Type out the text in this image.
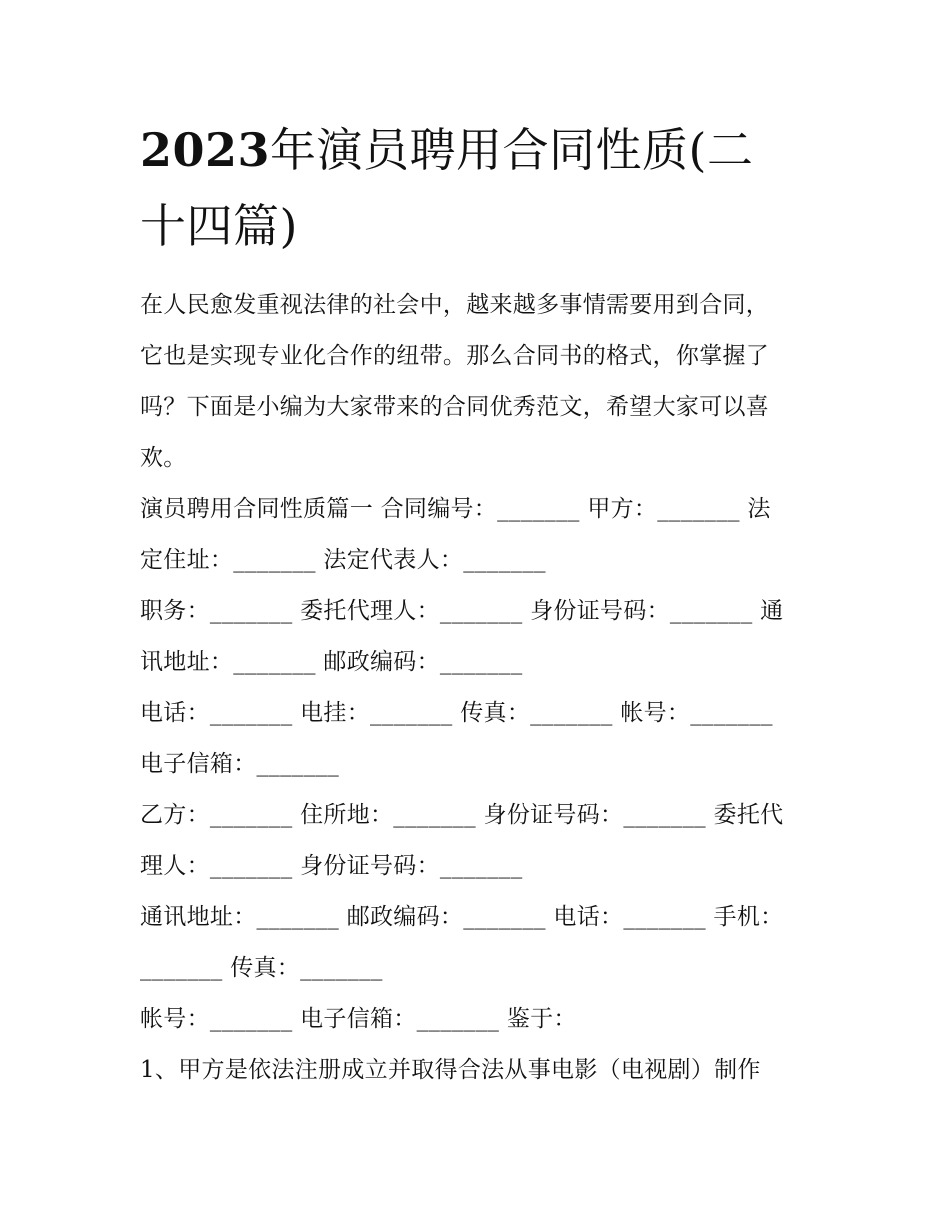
2023年演员聘用合同性质(二
十四篇)
在人民愈发重视法律的社会中，越来越多事情需要用到合同，
它也是实现专业化合作的纽带。那么合同书的格式，你掌握了
吗？下面是小编为大家带来的合同优秀范文，希望大家可以喜
欢。
演员聘用合同性质篇一 合同编号：_______ 甲方：_______ 法
定住址：_______ 法定代表人：_______
职务：_______ 委托代理人：_______ 身份证号码：_______ 通
讯地址：_______ 邮政编码：_______
电话：_______ 电挂：_______ 传真：_______ 帐号：_______
电子信箱：_______
乙方：_______ 住所地：_______ 身份证号码：_______ 委托代
理人：_______ 身份证号码：_______
通讯地址：_______ 邮政编码：_______ 电话：_______ 手机：
_______ 传真：_______
帐号：_______ 电子信箱：_______ 鉴于：
1、甲方是依法注册成立并取得合法从事电影（电视剧）制作
